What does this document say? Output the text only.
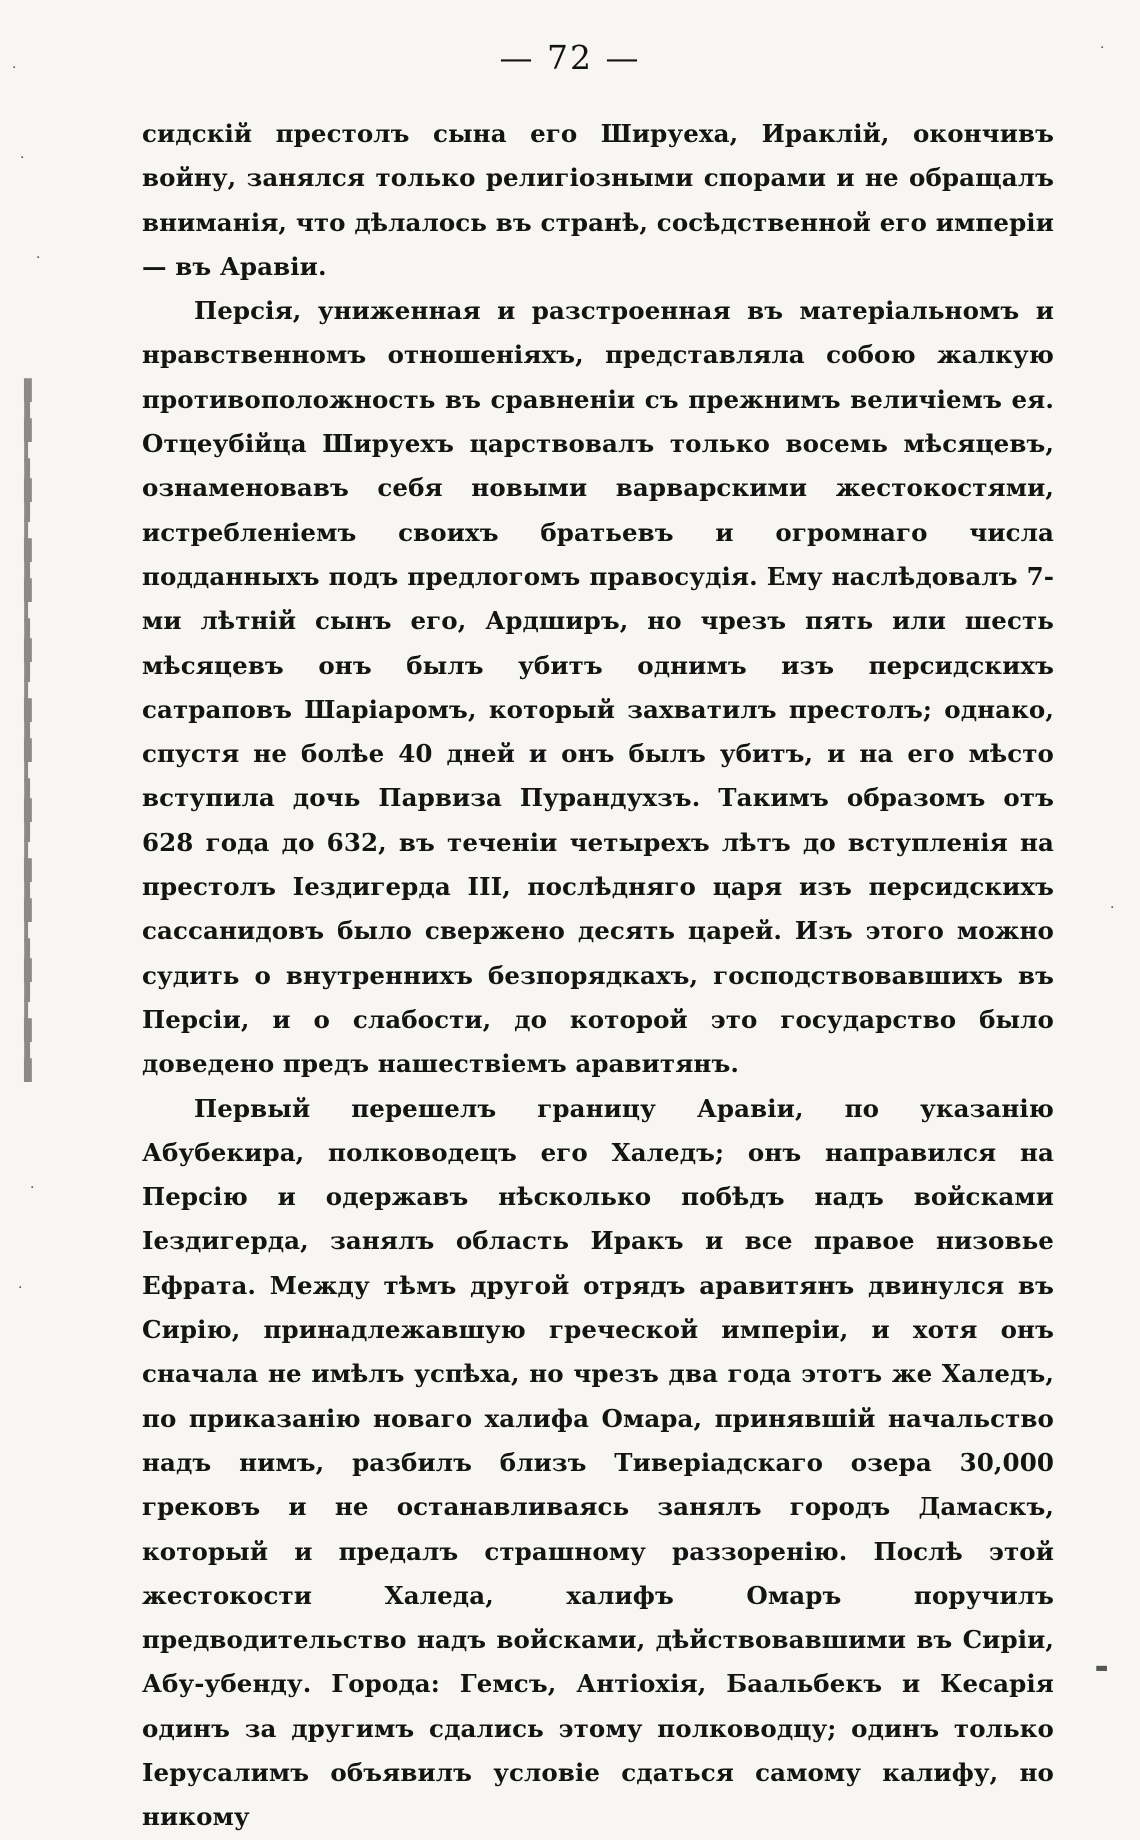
— 72 —
▌
▍
▌
▎
▍
▌
▍
▎
▌
▍
▌
▎
▍
▌
▍
▎
▌
▍
▌
▎
▍
▌
▍
▎
▌
▍
▌
▎
▍
▌
▍
▎
▌
▍
▌
·
·
·
·
·
·
·
▬

сидскій престолъ сына его Шируеха, Ираклій, окончивъ войну, занялся только религіозными спорами и не обращалъ вниманія, что дѣлалось въ странѣ, сосѣдственной его имперіи — въ Аравіи.

Персія, униженная и разстроенная въ матеріальномъ и нравственномъ отношеніяхъ, представляла собою жалкую противоположность въ сравненіи съ прежнимъ величіемъ ея. Отцеубійца Шируехъ царствовалъ только восемь мѣсяцевъ, ознаменовавъ себя новыми варварскими жестокостями, истребленіемъ своихъ братьевъ и огромнаго числа подданныхъ подъ предлогомъ правосудія. Ему наслѣдовалъ 7-ми лѣтній сынъ его, Ардширъ, но чрезъ пять или шесть мѣсяцевъ онъ былъ убитъ однимъ изъ персидскихъ сатраповъ Шаріаромъ, который захватилъ престолъ; однако, спустя не болѣе 40 дней и онъ былъ убитъ, и на его мѣсто вступила дочь Парвиза Пурандухзъ. Такимъ образомъ отъ 628 года до 632, въ теченіи четырехъ лѣтъ до вступленія на престолъ Іездигерда III, послѣдняго царя изъ персидскихъ сассанидовъ было свержено десять царей. Изъ этого можно судить о внутреннихъ безпорядкахъ, господствовавшихъ въ Персіи, и о слабости, до которой это государство было доведено предъ нашествіемъ аравитянъ.

Первый перешелъ границу Аравіи, по указанію Абубекира, полководецъ его Халедъ; онъ направился на Персію и одержавъ нѣсколько побѣдъ надъ войсками Іездигерда, занялъ область Иракъ и все правое низовье Ефрата. Между тѣмъ другой отрядъ аравитянъ двинулся въ Сирію, принадлежавшую греческой имперіи, и хотя онъ сначала не имѣлъ успѣха, но чрезъ два года этотъ же Халедъ, по приказанію новаго халифа Омара, принявшій начальство надъ нимъ, разбилъ близъ Тиверіадскаго озера 30,000 грековъ и не останавливаясь занялъ городъ Дамаскъ, который и предалъ страшному раззоренію. Послѣ этой жестокости Халеда, халифъ Омаръ поручилъ предводительство надъ войсками, дѣйствовавшими въ Сиріи, Абу-убенду. Города: Гемсъ, Антіохія, Баальбекъ и Кесарія одинъ за другимъ сдались этому полководцу; одинъ только Іерусалимъ объявилъ условіе сдаться самому калифу, но никому
